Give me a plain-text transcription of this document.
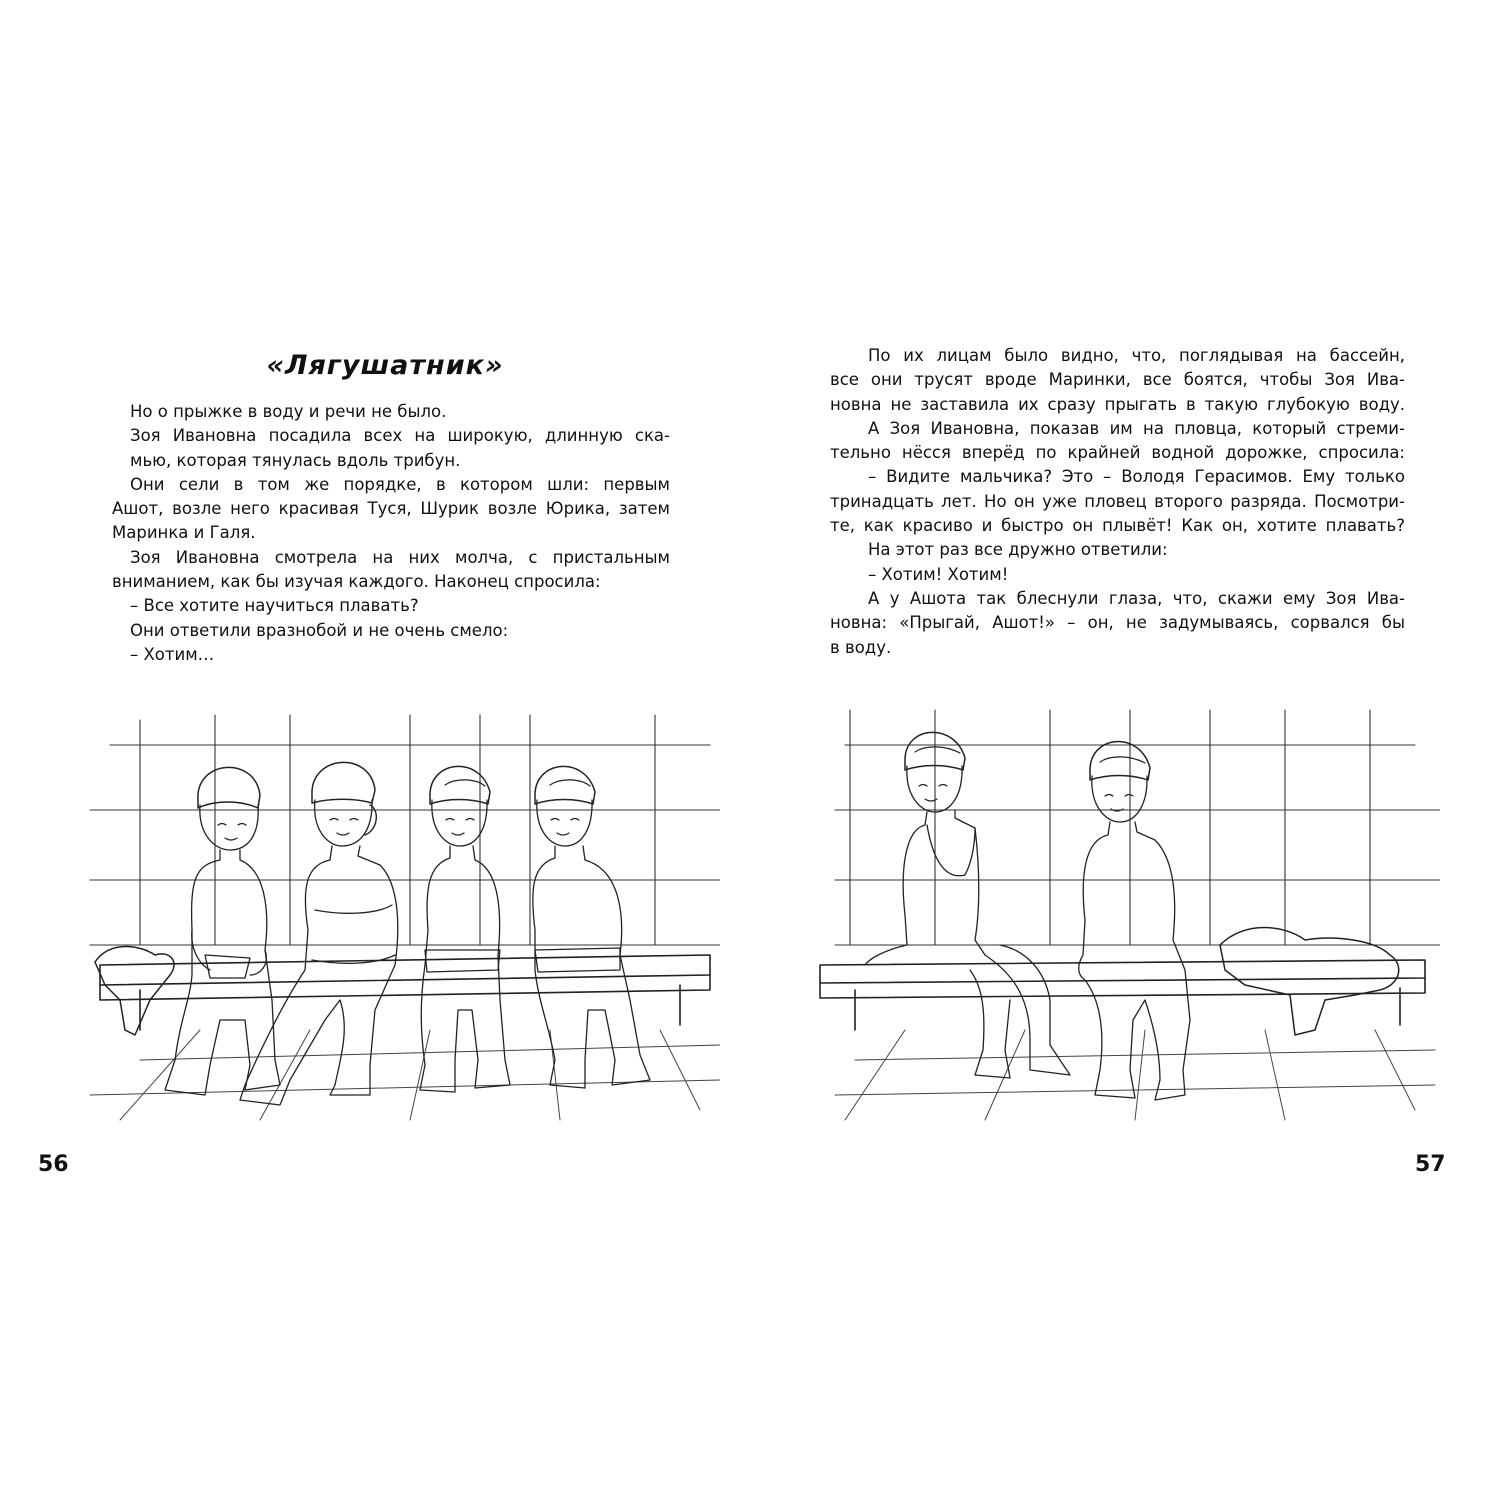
«Лягушатник»

Но о прыжке в воду и речи не было.

Зоя Ивановна посадила всех на широкую, длинную ска-

мью, которая тянулась вдоль трибун.

Они сели в том же порядке, в котором шли: первым

Ашот, возле него красивая Туся, Шурик возле Юрика, затем

Маринка и Галя.

Зоя Ивановна смотрела на них молча, с пристальным

вниманием, как бы изучая каждого. Наконец спросила:

– Все хотите научиться плавать?

Они ответили вразнобой и не очень смело:

– Хотим…

56

По их лицам было видно, что, поглядывая на бассейн,

все они трусят вроде Маринки, все боятся, чтобы Зоя Ива-

новна не заставила их сразу прыгать в такую глубокую воду.

А Зоя Ивановна, показав им на пловца, который стреми-

тельно нёсся вперёд по крайней водной дорожке, спросила:

– Видите мальчика? Это – Володя Герасимов. Ему только

тринадцать лет. Но он уже пловец второго разряда. Посмотри-

те, как красиво и быстро он плывёт! Как он, хотите плавать?

На этот раз все дружно ответили:

– Хотим! Хотим!

А у Ашота так блеснули глаза, что, скажи ему Зоя Ива-

новна: «Прыгай, Ашот!» – он, не задумываясь, сорвался бы

в воду.

57
